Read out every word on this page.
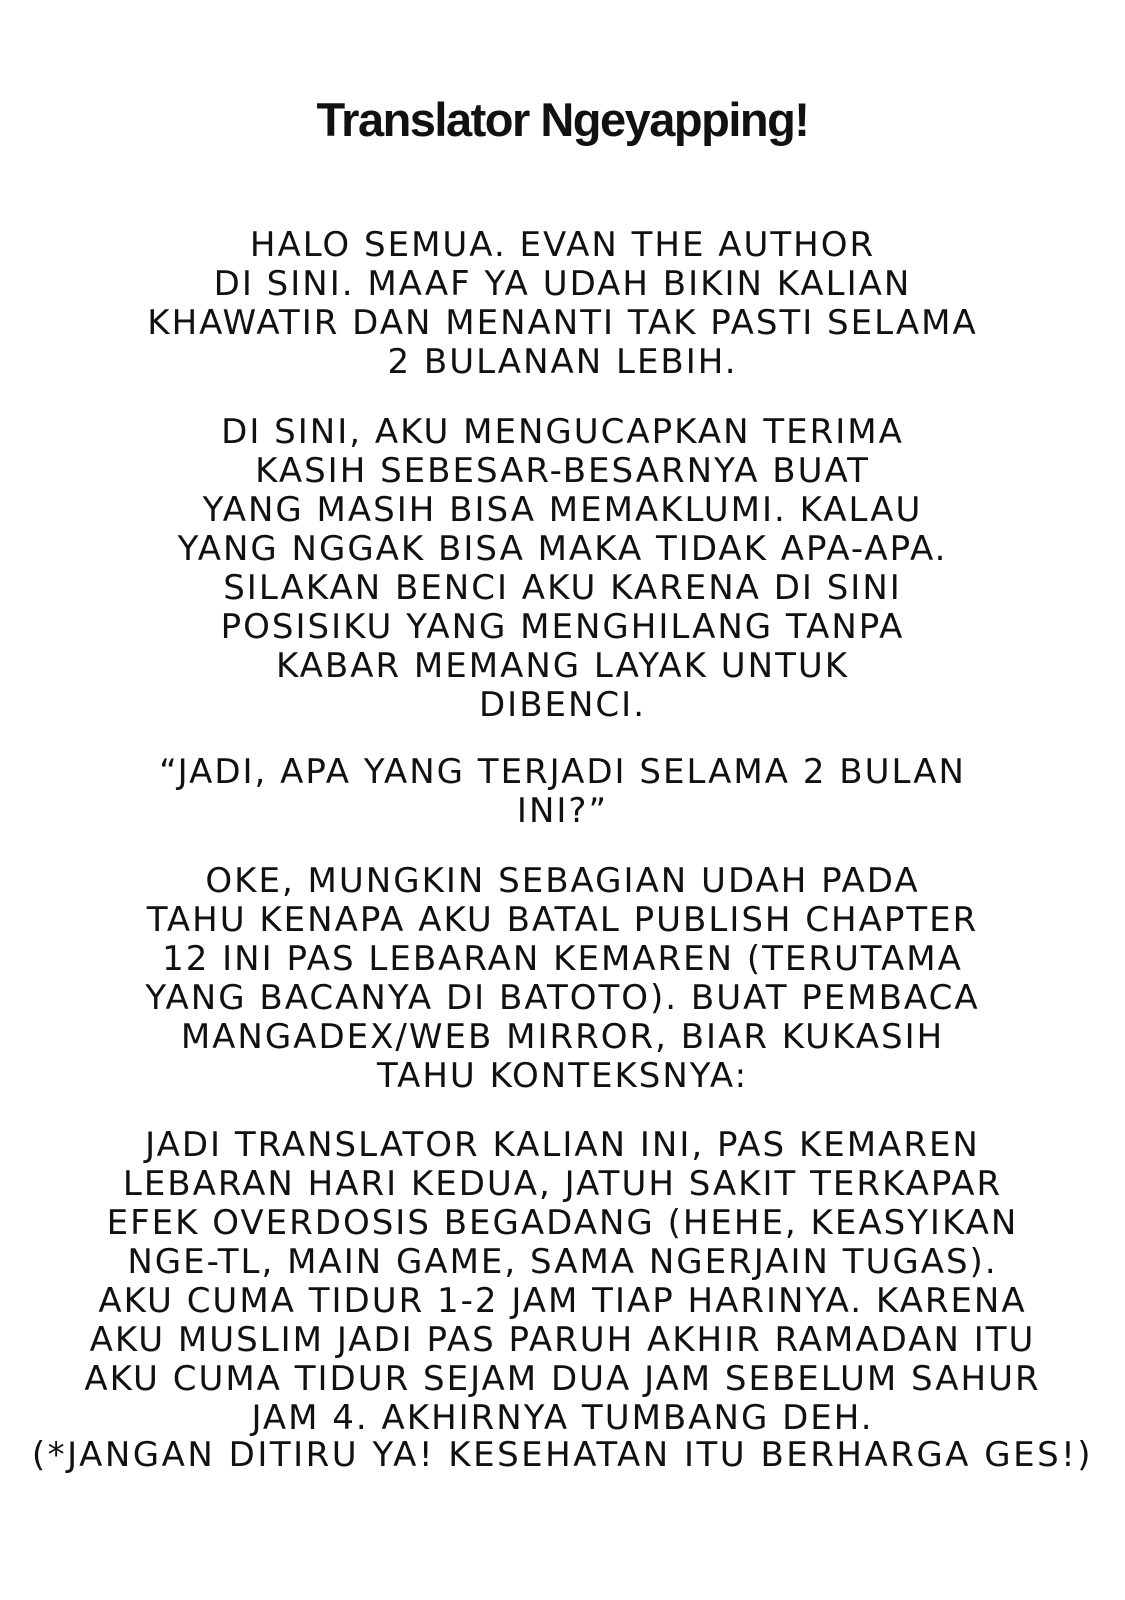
Translator Ngeyapping!
HALO SEMUA. EVAN THE AUTHOR
DI SINI. MAAF YA UDAH BIKIN KALIAN
KHAWATIR DAN MENANTI TAK PASTI SELAMA
2 BULANAN LEBIH.
DI SINI, AKU MENGUCAPKAN TERIMA
KASIH SEBESAR-BESARNYA BUAT
YANG MASIH BISA MEMAKLUMI. KALAU
YANG NGGAK BISA MAKA TIDAK APA-APA.
SILAKAN BENCI AKU KARENA DI SINI
POSISIKU YANG MENGHILANG TANPA
KABAR MEMANG LAYAK UNTUK
DIBENCI.
“JADI, APA YANG TERJADI SELAMA 2 BULAN
INI?”
OKE, MUNGKIN SEBAGIAN UDAH PADA
TAHU KENAPA AKU BATAL PUBLISH CHAPTER
12 INI PAS LEBARAN KEMAREN (TERUTAMA
YANG BACANYA DI BATOTO). BUAT PEMBACA
MANGADEX/WEB MIRROR, BIAR KUKASIH
TAHU KONTEKSNYA:
JADI TRANSLATOR KALIAN INI, PAS KEMAREN
LEBARAN HARI KEDUA, JATUH SAKIT TERKAPAR
EFEK OVERDOSIS BEGADANG (HEHE, KEASYIKAN
NGE-TL, MAIN GAME, SAMA NGERJAIN TUGAS).
AKU CUMA TIDUR 1-2 JAM TIAP HARINYA. KARENA
AKU MUSLIM JADI PAS PARUH AKHIR RAMADAN ITU
AKU CUMA TIDUR SEJAM DUA JAM SEBELUM SAHUR
JAM 4. AKHIRNYA TUMBANG DEH.
(*JANGAN DITIRU YA! KESEHATAN ITU BERHARGA GES!)
